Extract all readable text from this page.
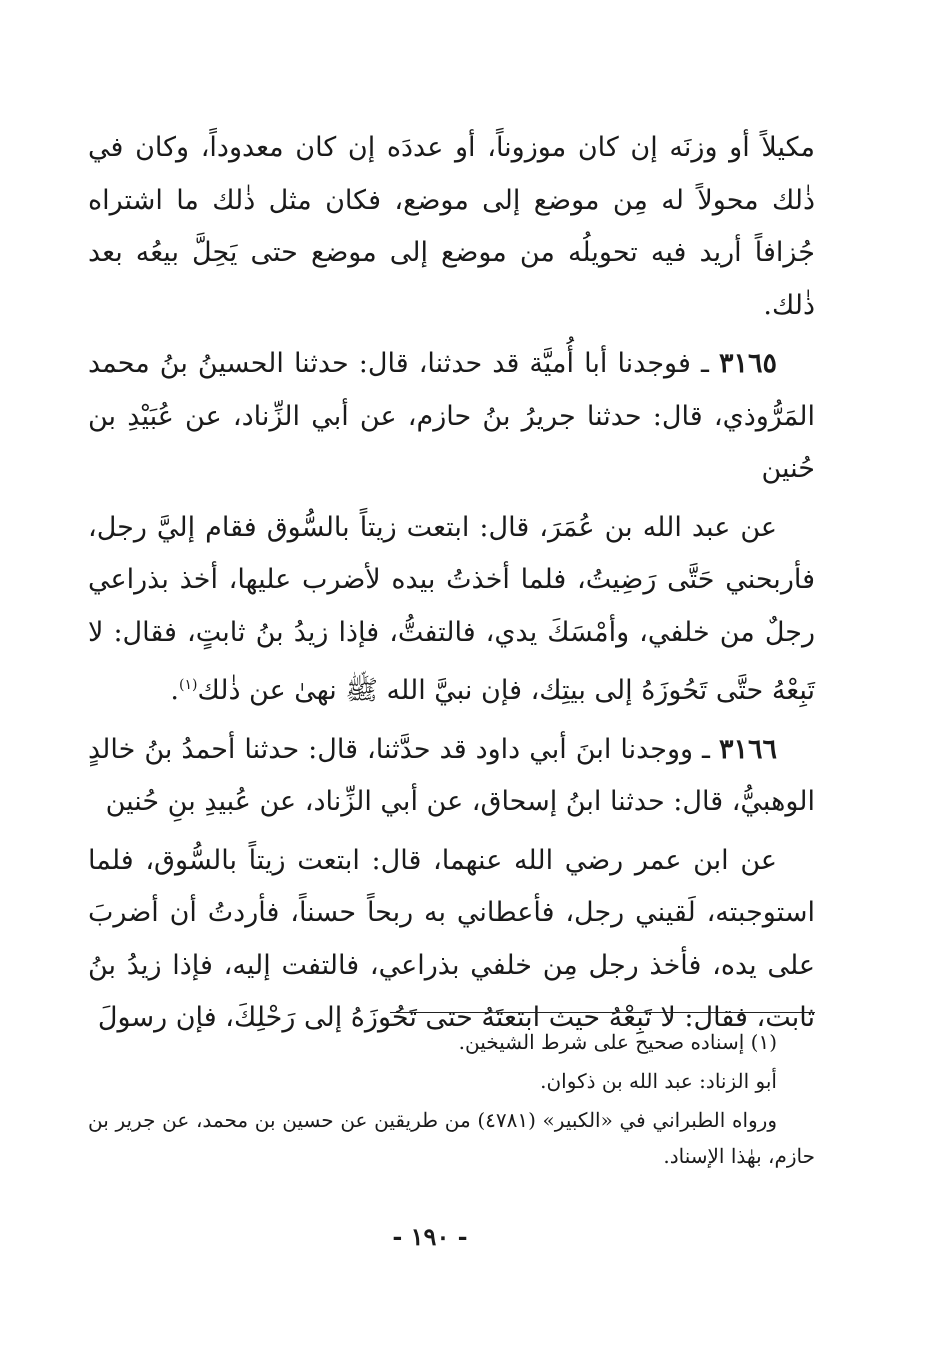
مكيلاً أو وزنَه إن كان موزوناً، أو عددَه إن كان معدوداً، وكان في ذٰلك محولاً له مِن موضع إلى موضع، فكان مثل ذٰلك ما اشتراه جُزافاً أريد فيه تحويلُه من موضع إلى موضع حتى يَحِلَّ بيعُه بعد ذٰلك.

٣١٦٥ ـ فوجدنا أبا أُميَّة قد حدثنا، قال: حدثنا الحسينُ بنُ محمد المَرُّوذي، قال: حدثنا جريرُ بنُ حازم، عن أبي الزِّناد، عن عُبَيْدِ بن حُنين

عن عبد الله بن عُمَرَ، قال: ابتعت زيتاً بالسُّوق فقام إليَّ رجل، فأربحني حَتَّى رَضِيتُ، فلما أخذتُ بيده لأضرب عليها، أخذ بذراعي رجلٌ من خلفي، وأمْسَكَ يدي، فالتفتُّ، فإذا زيدُ بنُ ثابتٍ، فقال: لا تَبِعْهُ حتَّى تَحُوزَهُ إلى بيتِك، فإن نبيَّ الله ﷺ نهىٰ عن ذٰلك$^{(١)}$.

٣١٦٦ ـ ووجدنا ابنَ أبي داود قد حدَّثنا، قال: حدثنا أحمدُ بنُ خالدٍ الوهبيُّ، قال: حدثنا ابنُ إسحاق، عن أبي الزِّناد، عن عُبيدِ بنِ حُنين

عن ابن عمر رضي الله عنهما، قال: ابتعت زيتاً بالسُّوق، فلما استوجبته، لَقيني رجل، فأعطاني به ربحاً حسناً، فأردتُ أن أضربَ على يده، فأخذ رجل مِن خلفي بذراعي، فالتفت إليه، فإذا زيدُ بنُ ثابت، فقال: لا تَبِعْهُ حيث ابتعتَهُ حتى تَحُوزَهُ إلى رَحْلِكَ، فإن رسولَ

(١) إسناده صحيح على شرط الشيخين.

أبو الزناد: عبد الله بن ذكوان.

ورواه الطبراني في «الكبير» (٤٧٨١) من طريقين عن حسين بن محمد، عن جرير بن حازم، بهٰذا الإسناد.

- ١٩٠ -
